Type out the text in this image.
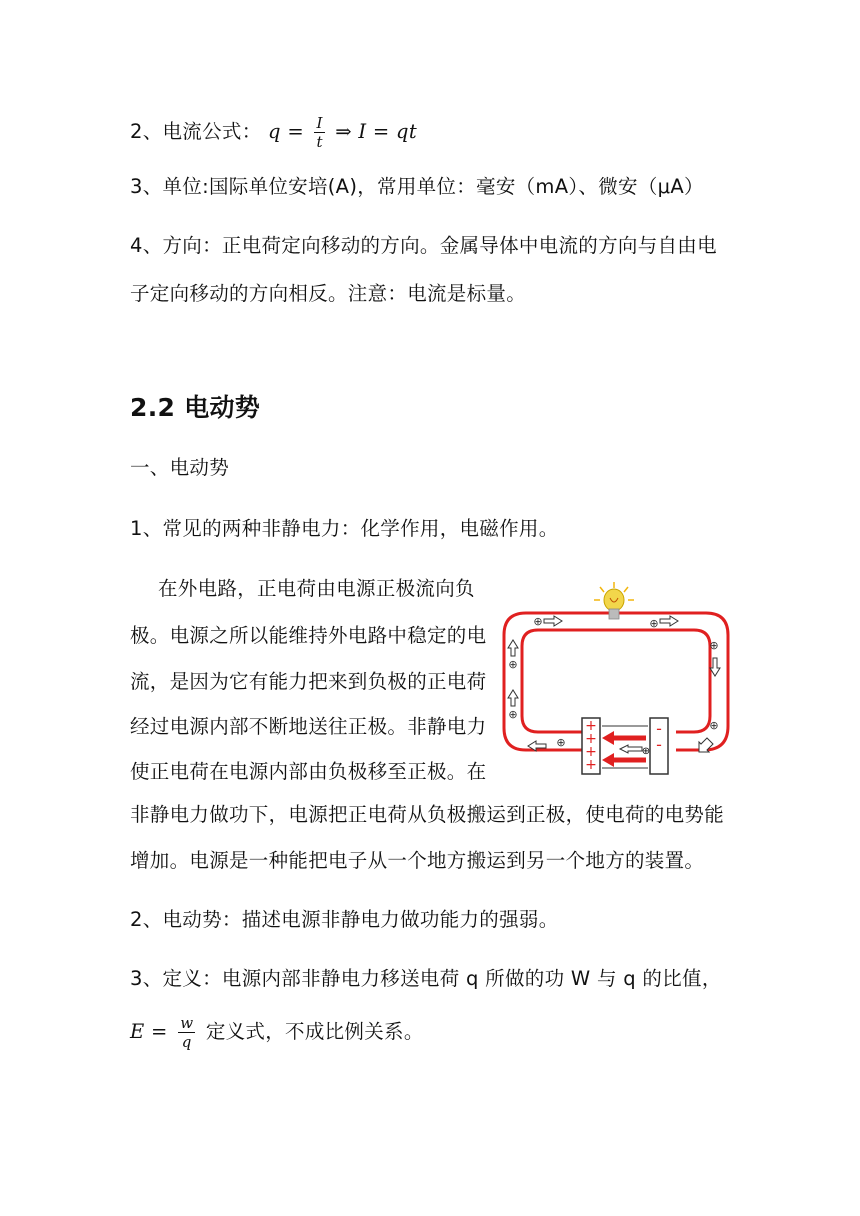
2、电流公式： $q = \frac{I}{t}$ ⇒ I = qt
3、单位:国际单位安培(A)，常用单位：毫安（mA）、微安（μA）
4、方向：正电荷定向移动的方向。金属导体中电流的方向与自由电
子定向移动的方向相反。注意：电流是标量。
2.2 电动势
一、电动势
1、常见的两种非静电力：化学作用，电磁作用。
在外电路，正电荷由电源正极流向负
极。电源之所以能维持外电路中稳定的电
流，是因为它有能力把来到负极的正电荷
经过电源内部不断地送往正极。非静电力
使正电荷在电源内部由负极移至正极。在
非静电力做功下，电源把正电荷从负极搬运到正极，使电荷的电势能
增加。电源是一种能把电子从一个地方搬运到另一个地方的装置。
2、电动势：描述电源非静电力做功能力的强弱。
3、定义：电源内部非静电力移送电荷 q 所做的功 W 与 q 的比值，
$E = \frac{w}{q}$ 定义式，不成比例关系。
+
+
+
+
-
-
⊕
⊕	⊕
⊕
⊕
⊕
⊕
⊕
